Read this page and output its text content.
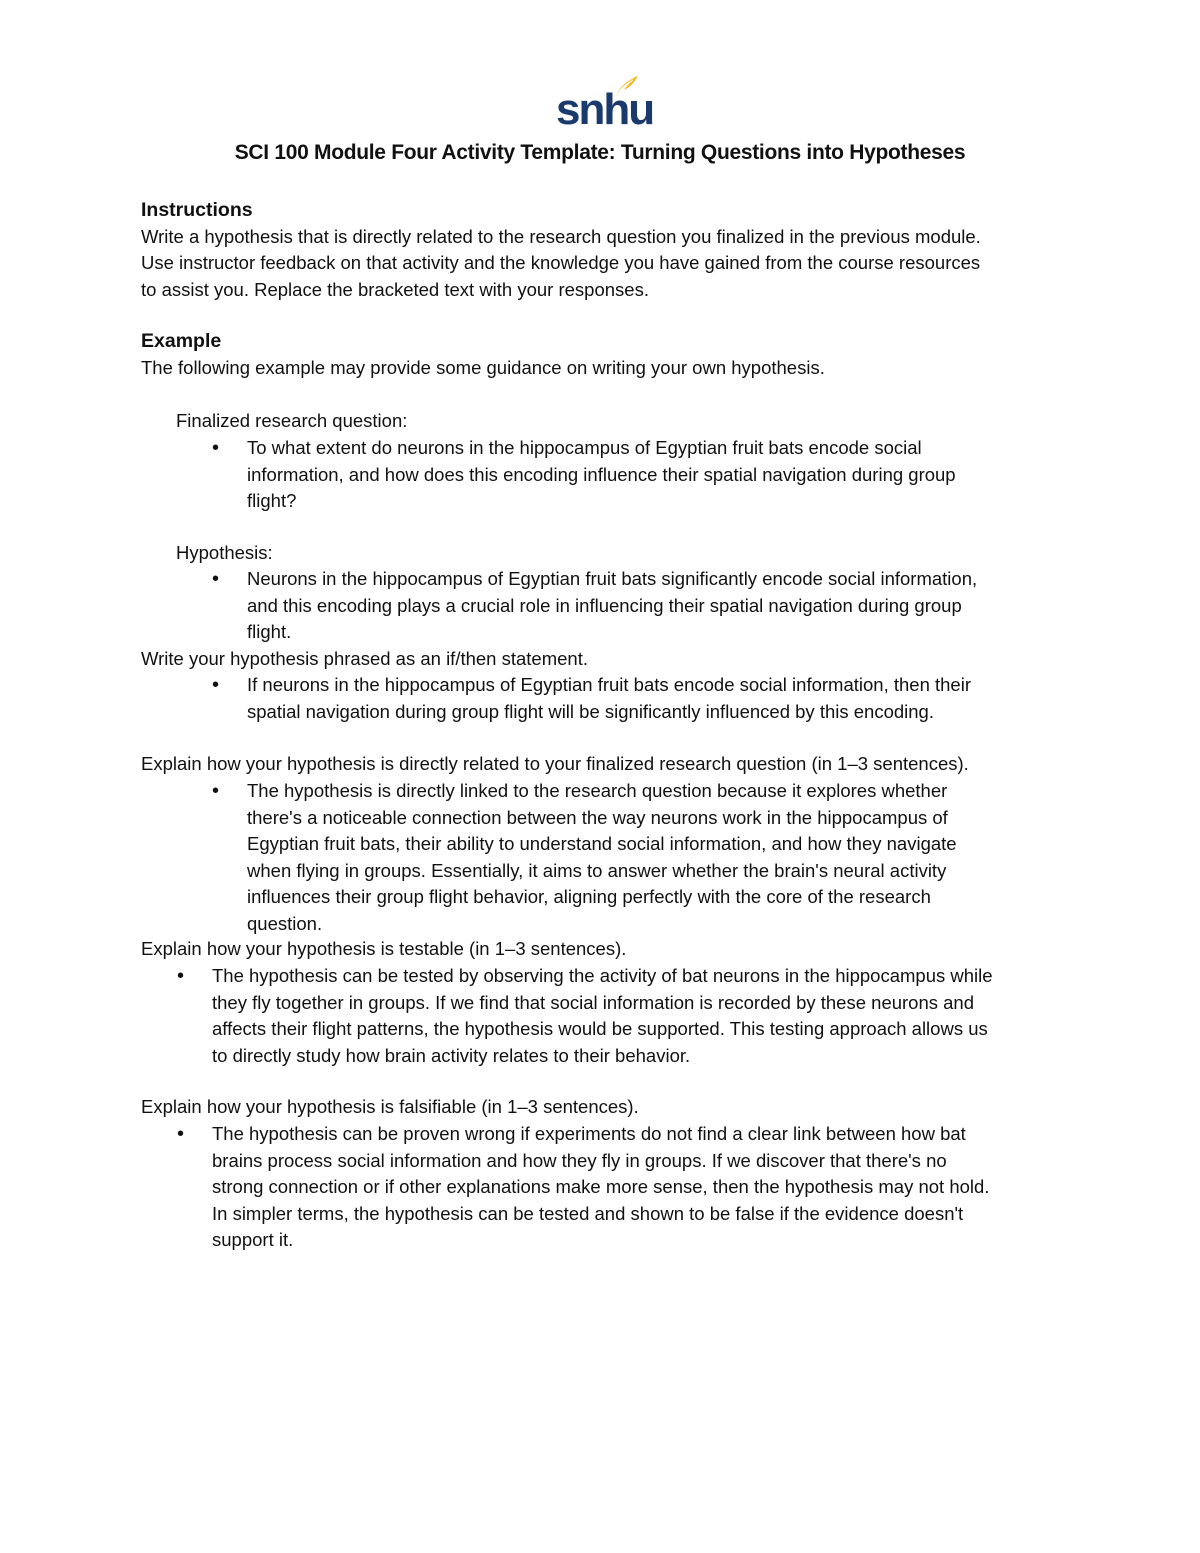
snhu
SCI 100 Module Four Activity Template: Turning Questions into Hypotheses
Instructions

Write a hypothesis that is directly related to the research question you finalized in the previous module.

Use instructor feedback on that activity and the knowledge you have gained from the course resources

to assist you. Replace the bracketed text with your responses.

Example

The following example may provide some guidance on writing your own hypothesis.

Finalized research question:

• To what extent do neurons in the hippocampus of Egyptian fruit bats encode social

information, and how does this encoding influence their spatial navigation during group

flight?

Hypothesis:

• Neurons in the hippocampus of Egyptian fruit bats significantly encode social information,

and this encoding plays a crucial role in influencing their spatial navigation during group

flight.

Write your hypothesis phrased as an if/then statement.

• If neurons in the hippocampus of Egyptian fruit bats encode social information, then their

spatial navigation during group flight will be significantly influenced by this encoding.

Explain how your hypothesis is directly related to your finalized research question (in 1–3 sentences).

• The hypothesis is directly linked to the research question because it explores whether

there's a noticeable connection between the way neurons work in the hippocampus of

Egyptian fruit bats, their ability to understand social information, and how they navigate

when flying in groups. Essentially, it aims to answer whether the brain's neural activity

influences their group flight behavior, aligning perfectly with the core of the research

question.

Explain how your hypothesis is testable (in 1–3 sentences).

• The hypothesis can be tested by observing the activity of bat neurons in the hippocampus while

they fly together in groups. If we find that social information is recorded by these neurons and

affects their flight patterns, the hypothesis would be supported. This testing approach allows us

to directly study how brain activity relates to their behavior.

Explain how your hypothesis is falsifiable (in 1–3 sentences).

• The hypothesis can be proven wrong if experiments do not find a clear link between how bat

brains process social information and how they fly in groups. If we discover that there's no

strong connection or if other explanations make more sense, then the hypothesis may not hold.

In simpler terms, the hypothesis can be tested and shown to be false if the evidence doesn't

support it.
